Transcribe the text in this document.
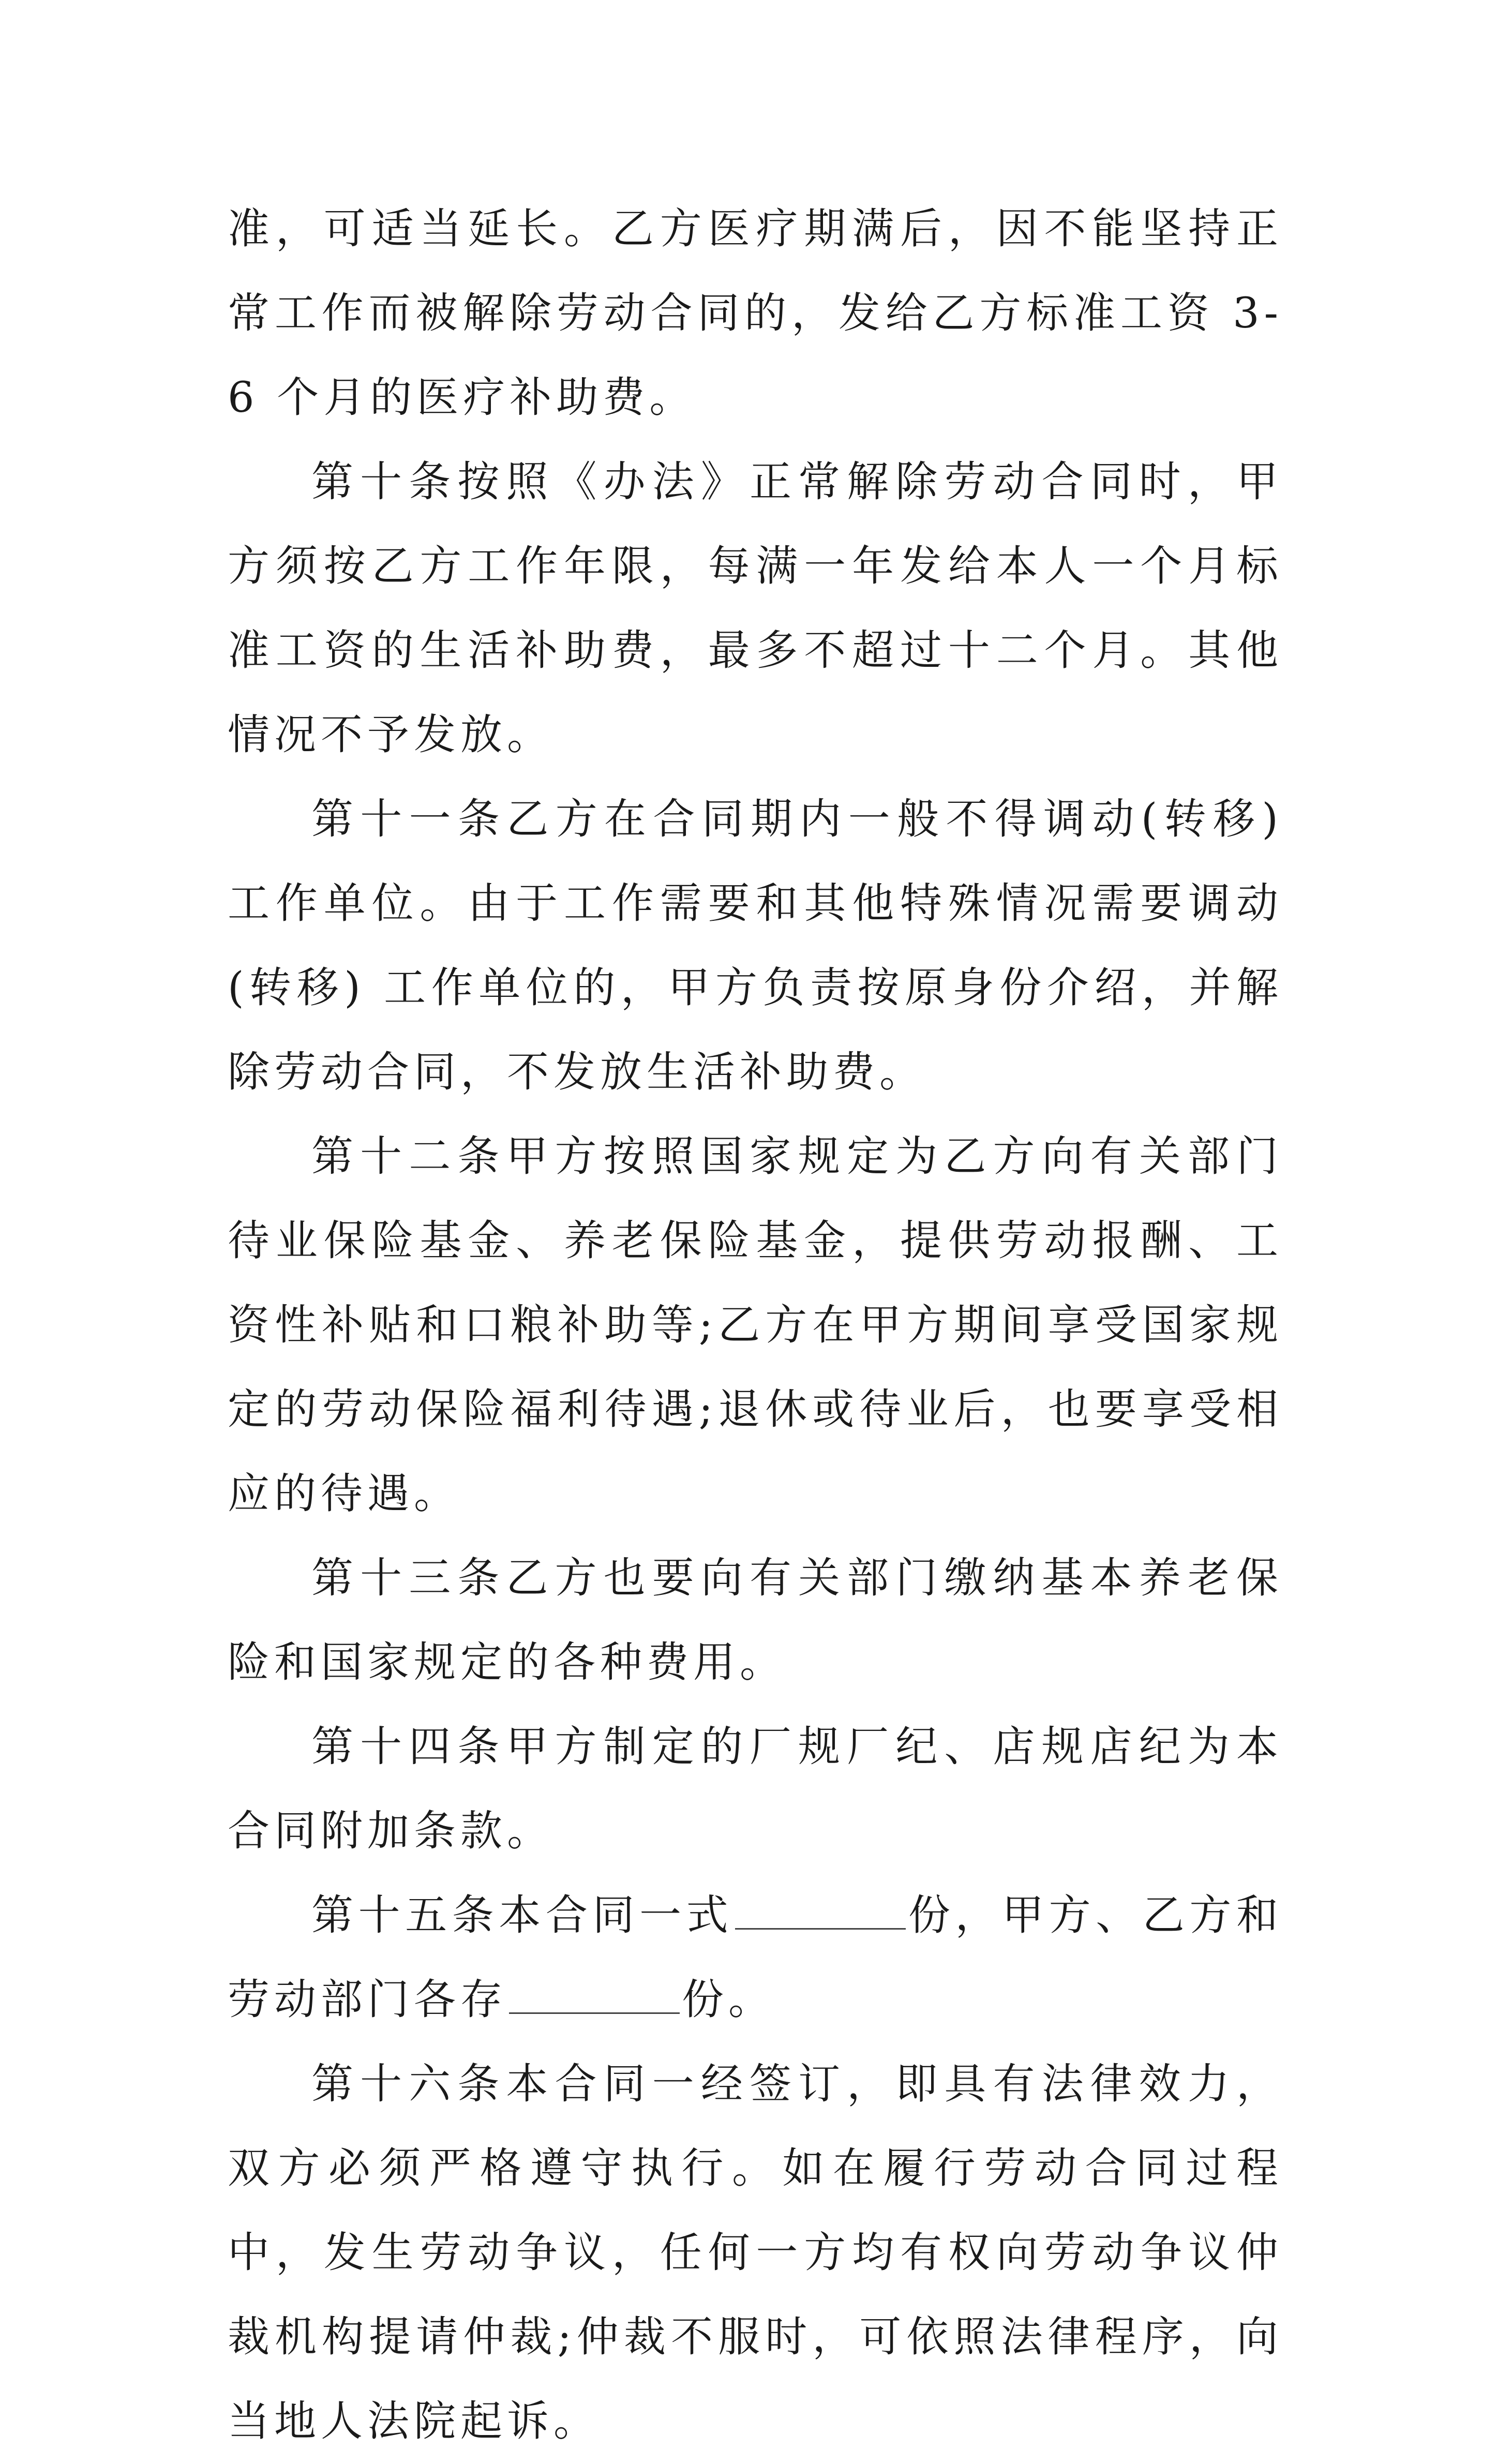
准，可适当延长。乙方医疗期满后，因不能坚持正常工作而被解除劳动合同的，发给乙方标准工资 3-6 个月的医疗补助费。

第十条按照《办法》正常解除劳动合同时，甲方须按乙方工作年限，每满一年发给本人一个月标准工资的生活补助费，最多不超过十二个月。其他情况不予发放。

第十一条乙方在合同期内一般不得调动(转移) 工作单位。由于工作需要和其他特殊情况需要调动(转移) 工作单位的，甲方负责按原身份介绍，并解除劳动合同，不发放生活补助费。

第十二条甲方按照国家规定为乙方向有关部门待业保险基金、养老保险基金，提供劳动报酬、工资性补贴和口粮补助等;乙方在甲方期间享受国家规定的劳动保险福利待遇;退休或待业后，也要享受相应的待遇。

第十三条乙方也要向有关部门缴纳基本养老保险和国家规定的各种费用。

第十四条甲方制定的厂规厂纪、店规店纪为本合同附加条款。

第十五条本合同一式	份，甲方、乙方和劳动部门各存	份。

第十六条本合同一经签订，即具有法律效力，双方必须严格遵守执行。如在履行劳动合同过程中，发生劳动争议，任何一方均有权向劳动争议仲裁机构提请仲裁;仲裁不服时，可依照法律程序，向当地人法院起诉。
